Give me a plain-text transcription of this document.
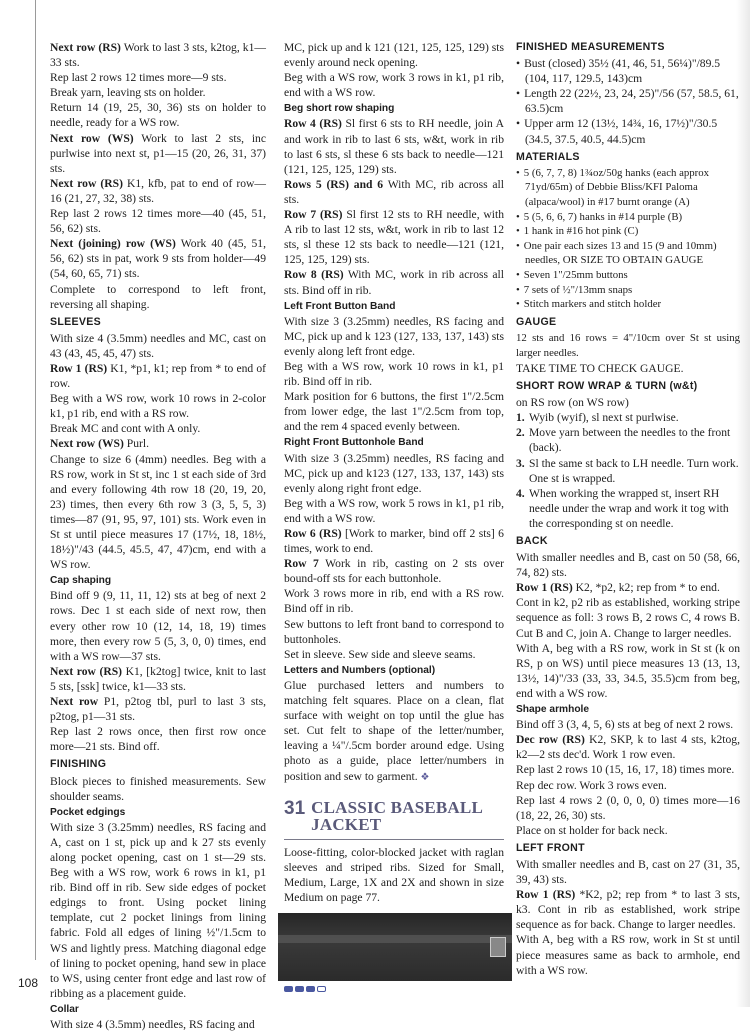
Next row (RS) Work to last 3 sts, k2tog, k1—33 sts.

Rep last 2 rows 12 times more—9 sts.

Break yarn, leaving sts on holder.

Return 14 (19, 25, 30, 36) sts on holder to needle, ready for a WS row.

Next row (WS) Work to last 2 sts, inc purlwise into next st, p1—15 (20, 26, 31, 37) sts.

Next row (RS) K1, kfb, pat to end of row—16 (21, 27, 32, 38) sts.

Rep last 2 rows 12 times more—40 (45, 51, 56, 62) sts.

Next (joining) row (WS) Work 40 (45, 51, 56, 62) sts in pat, work 9 sts from holder—49 (54, 60, 65, 71) sts.

Complete to correspond to left front, reversing all shaping.

SLEEVES

With size 4 (3.5mm) needles and MC, cast on 43 (43, 45, 45, 47) sts.

Row 1 (RS) K1, *p1, k1; rep from * to end of row.

Beg with a WS row, work 10 rows in 2-color k1, p1 rib, end with a RS row.

Break MC and cont with A only.

Next row (WS) Purl.

Change to size 6 (4mm) needles. Beg with a RS row, work in St st, inc 1 st each side of 3rd and every following 4th row 18 (20, 19, 20, 23) times, then every 6th row 3 (3, 5, 5, 3) times—87 (91, 95, 97, 101) sts. Work even in St st until piece measures 17 (17½, 18, 18½, 18½)"/43 (44.5, 45.5, 47, 47)cm, end with a WS row.

Cap shaping

Bind off 9 (9, 11, 11, 12) sts at beg of next 2 rows. Dec 1 st each side of next row, then every other row 10 (12, 14, 18, 19) times more, then every row 5 (5, 3, 0, 0) times, end with a WS row—37 sts.

Next row (RS) K1, [k2tog] twice, knit to last 5 sts, [ssk] twice, k1—33 sts.

Next row P1, p2tog tbl, purl to last 3 sts, p2tog, p1—31 sts.

Rep last 2 rows once, then first row once more—21 sts. Bind off.

FINISHING

Block pieces to finished measurements. Sew shoulder seams.

Pocket edgings

With size 3 (3.25mm) needles, RS facing and A, cast on 1 st, pick up and k 27 sts evenly along pocket opening, cast on 1 st—29 sts. Beg with a WS row, work 6 rows in k1, p1 rib. Bind off in rib. Sew side edges of pocket edgings to front. Using pocket lining template, cut 2 pocket linings from lining fabric. Fold all edges of lining ½"/1.5cm to WS and lightly press. Matching diagonal edge of lining to pocket opening, hand sew in place to WS, using center front edge and last row of ribbing as a placement guide.

Collar

With size 4 (3.5mm) needles, RS facing and

MC, pick up and k 121 (121, 125, 125, 129) sts evenly around neck opening.

Beg with a WS row, work 3 rows in k1, p1 rib, end with a WS row.

Beg short row shaping

Row 4 (RS) Sl first 6 sts to RH needle, join A and work in rib to last 6 sts, w&t, work in rib to last 6 sts, sl these 6 sts back to needle—121 (121, 125, 125, 129) sts.

Rows 5 (RS) and 6 With MC, rib across all sts.

Row 7 (RS) Sl first 12 sts to RH needle, with A rib to last 12 sts, w&t, work in rib to last 12 sts, sl these 12 sts back to needle—121 (121, 125, 125, 129) sts.

Row 8 (RS) With MC, work in rib across all sts. Bind off in rib.

Left Front Button Band

With size 3 (3.25mm) needles, RS facing and MC, pick up and k 123 (127, 133, 137, 143) sts evenly along left front edge.

Beg with a WS row, work 10 rows in k1, p1 rib. Bind off in rib.

Mark position for 6 buttons, the first 1"/2.5cm from lower edge, the last 1"/2.5cm from top, and the rem 4 spaced evenly between.

Right Front Buttonhole Band

With size 3 (3.25mm) needles, RS facing and MC, pick up and k123 (127, 133, 137, 143) sts evenly along right front edge.

Beg with a WS row, work 5 rows in k1, p1 rib, end with a WS row.

Row 6 (RS) [Work to marker, bind off 2 sts] 6 times, work to end.

Row 7 Work in rib, casting on 2 sts over bound-off sts for each buttonhole.

Work 3 rows more in rib, end with a RS row. Bind off in rib.

Sew buttons to left front band to correspond to buttonholes.

Set in sleeve. Sew side and sleeve seams.

Letters and Numbers (optional)

Glue purchased letters and numbers to matching felt squares. Place on a clean, flat surface with weight on top until the glue has set. Cut felt to shape of the letter/number, leaving a ¼"/.5cm border around edge. Using photo as a guide, place letter/numbers in position and sew to garment. ❖

31 CLASSIC BASEBALL
JACKET

Loose-fitting, color-blocked jacket with raglan sleeves and striped ribs. Sized for Small, Medium, Large, 1X and 2X and shown in size Medium on page 77.

FINISHED MEASUREMENTS
• Bust (closed) 35½ (41, 46, 51, 56¼)"/89.5 (104, 117, 129.5, 143)cm
• Length 22 (22½, 23, 24, 25)"/56 (57, 58.5, 61, 63.5)cm
• Upper arm 12 (13½, 14¾, 16, 17½)"/30.5 (34.5, 37.5, 40.5, 44.5)cm
MATERIALS
• 5 (6, 7, 7, 8) 1¾oz/50g hanks (each approx 71yd/65m) of Debbie Bliss/KFI Paloma (alpaca/wool) in #17 burnt orange (A)
• 5 (5, 6, 6, 7) hanks in #14 purple (B)
• 1 hank in #16 hot pink (C)
• One pair each sizes 13 and 15 (9 and 10mm) needles, OR SIZE TO OBTAIN GAUGE
• Seven 1"/25mm buttons
• 7 sets of ½"/13mm snaps
• Stitch markers and stitch holder
GAUGE

12 sts and 16 rows = 4"/10cm over St st using larger needles.

TAKE TIME TO CHECK GAUGE.

SHORT ROW WRAP & TURN (w&t)

on RS row (on WS row)

1. Wyib (wyif), sl next st purlwise.
2. Move yarn between the needles to the front (back).
3. Sl the same st back to LH needle. Turn work. One st is wrapped.
4. When working the wrapped st, insert RH needle under the wrap and work it tog with the corresponding st on needle.
BACK

With smaller needles and B, cast on 50 (58, 66, 74, 82) sts.

Row 1 (RS) K2, *p2, k2; rep from * to end.

Cont in k2, p2 rib as established, working stripe sequence as foll: 3 rows B, 2 rows C, 4 rows B. Cut B and C, join A. Change to larger needles.

With A, beg with a RS row, work in St st (k on RS, p on WS) until piece measures 13 (13, 13, 13½, 14)"/33 (33, 33, 34.5, 35.5)cm from beg, end with a WS row.

Shape armhole

Bind off 3 (3, 4, 5, 6) sts at beg of next 2 rows.

Dec row (RS) K2, SKP, k to last 4 sts, k2tog, k2—2 sts dec'd. Work 1 row even.

Rep last 2 rows 10 (15, 16, 17, 18) times more.

Rep dec row. Work 3 rows even.

Rep last 4 rows 2 (0, 0, 0, 0) times more—16 (18, 22, 26, 30) sts.

Place on st holder for back neck.

LEFT FRONT

With smaller needles and B, cast on 27 (31, 35, 39, 43) sts.

Row 1 (RS) *K2, p2; rep from * to last 3 sts, k3. Cont in rib as established, work stripe sequence as for back. Change to larger needles.

With A, beg with a RS row, work in St st until piece measures same as back to armhole, end with a WS row.

108
